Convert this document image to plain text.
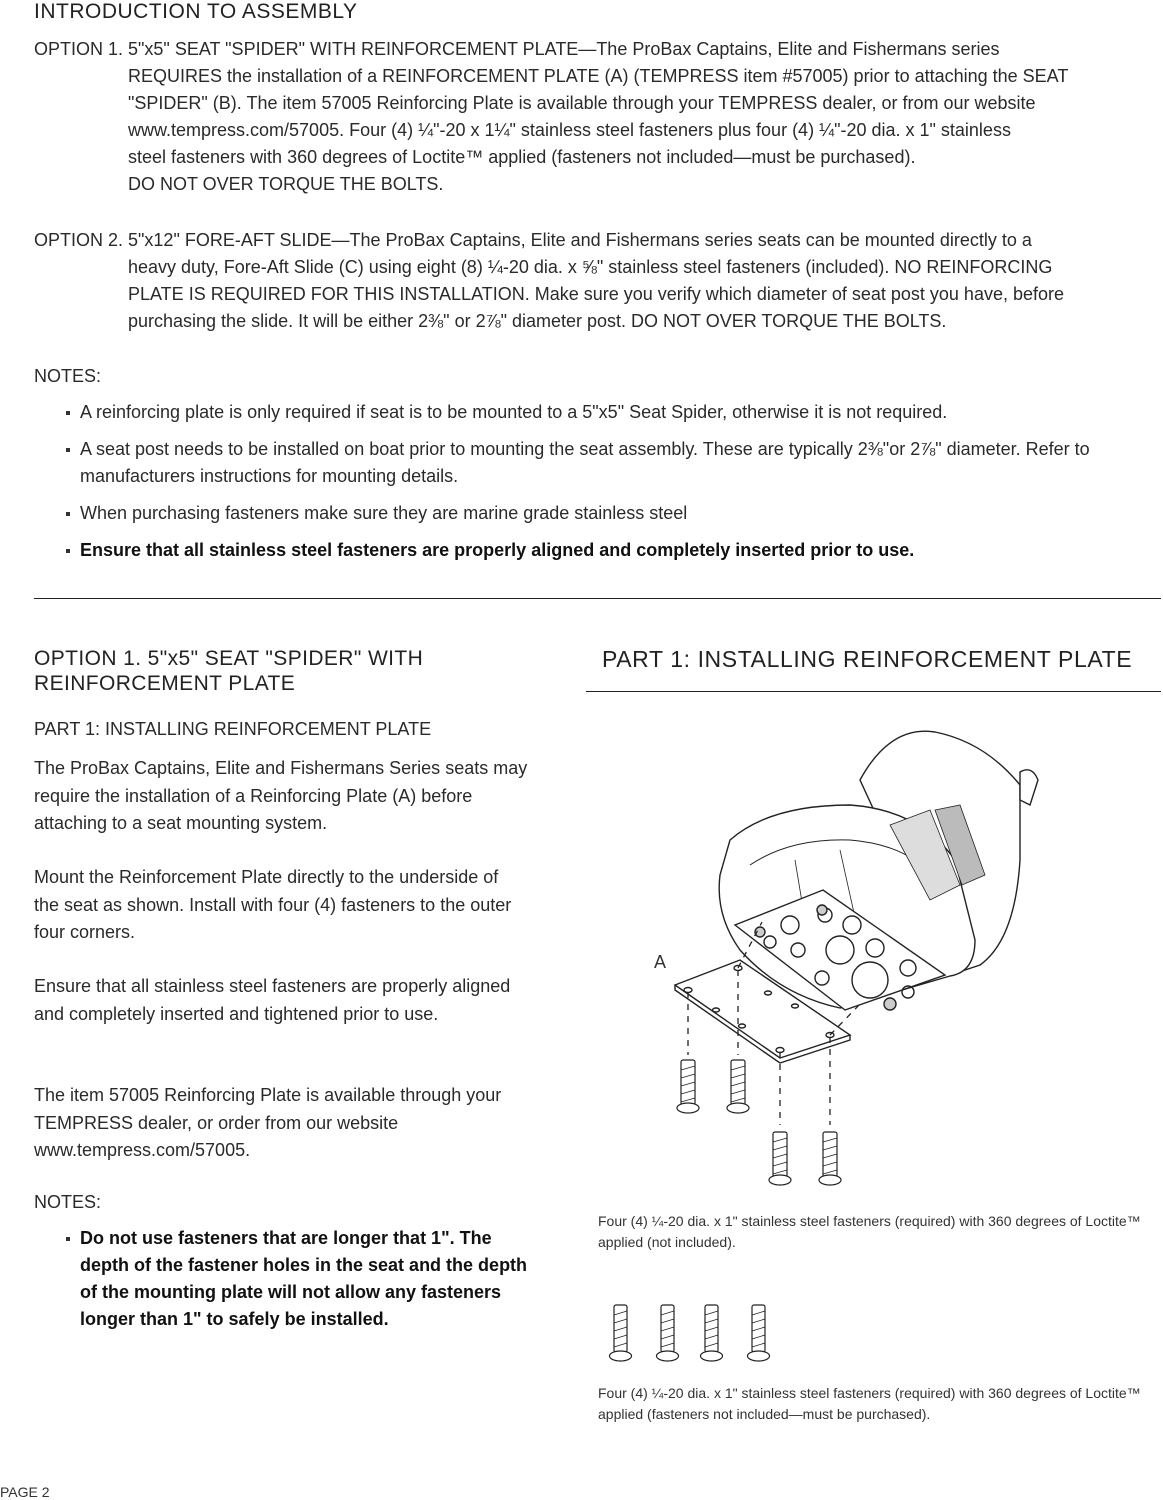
INTRODUCTION TO ASSEMBLY
OPTION 1. 5"x5" SEAT "SPIDER" WITH REINFORCEMENT PLATE—The ProBax Captains, Elite and Fishermans series
REQUIRES the installation of a REINFORCEMENT PLATE (A) (TEMPRESS item #57005) prior to attaching the SEAT
"SPIDER" (B). The item 57005 Reinforcing Plate is available through your TEMPRESS dealer, or from our website
www.tempress.com/57005. Four (4) ¼"-20 x 1¼" stainless steel fasteners plus four (4) ¼"-20 dia. x 1" stainless
steel fasteners with 360 degrees of Loctite™ applied (fasteners not included—must be purchased).
DO NOT OVER TORQUE THE BOLTS.
OPTION 2. 5"x12" FORE-AFT SLIDE—The ProBax Captains, Elite and Fishermans series seats can be mounted directly to a
heavy duty, Fore-Aft Slide (C) using eight (8) ¼-20 dia. x ⅝" stainless steel fasteners (included). NO REINFORCING
PLATE IS REQUIRED FOR THIS INSTALLATION. Make sure you verify which diameter of seat post you have, before
purchasing the slide. It will be either 2⅜" or 2⅞" diameter post. DO NOT OVER TORQUE THE BOLTS.
NOTES:
A reinforcing plate is only required if seat is to be mounted to a 5"x5" Seat Spider, otherwise it is not required.
A seat post needs to be installed on boat prior to mounting the seat assembly. These are typically 2⅜"or 2⅞" diameter. Refer to manufacturers instructions for mounting details.
When purchasing fasteners make sure they are marine grade stainless steel
Ensure that all stainless steel fasteners are properly aligned and completely inserted prior to use.
OPTION 1. 5"x5" SEAT "SPIDER" WITH
REINFORCEMENT PLATE
PART 1: INSTALLING REINFORCEMENT PLATE
The ProBax Captains, Elite and Fishermans Series seats may require the installation of a Reinforcing Plate (A) before attaching to a seat mounting system.
Mount the Reinforcement Plate directly to the underside of the seat as shown. Install with four (4) fasteners to the outer four corners.
Ensure that all stainless steel fasteners are properly aligned and completely inserted and tightened prior to use.
The item 57005 Reinforcing Plate is available through your TEMPRESS dealer, or order from our website www.tempress.com/57005.
NOTES:
Do not use fasteners that are longer that 1". The depth of the fastener holes in the seat and the depth of the mounting plate will not allow any fasteners longer than 1" to safely be installed.
PART 1: INSTALLING REINFORCEMENT PLATE
A
Four (4) ¼-20 dia. x 1" stainless steel fasteners (required) with 360 degrees of Loctite™ applied (not included).
Four (4) ¼-20 dia. x 1" stainless steel fasteners (required) with 360 degrees of Loctite™ applied (fasteners not included—must be purchased).
PAGE 2
